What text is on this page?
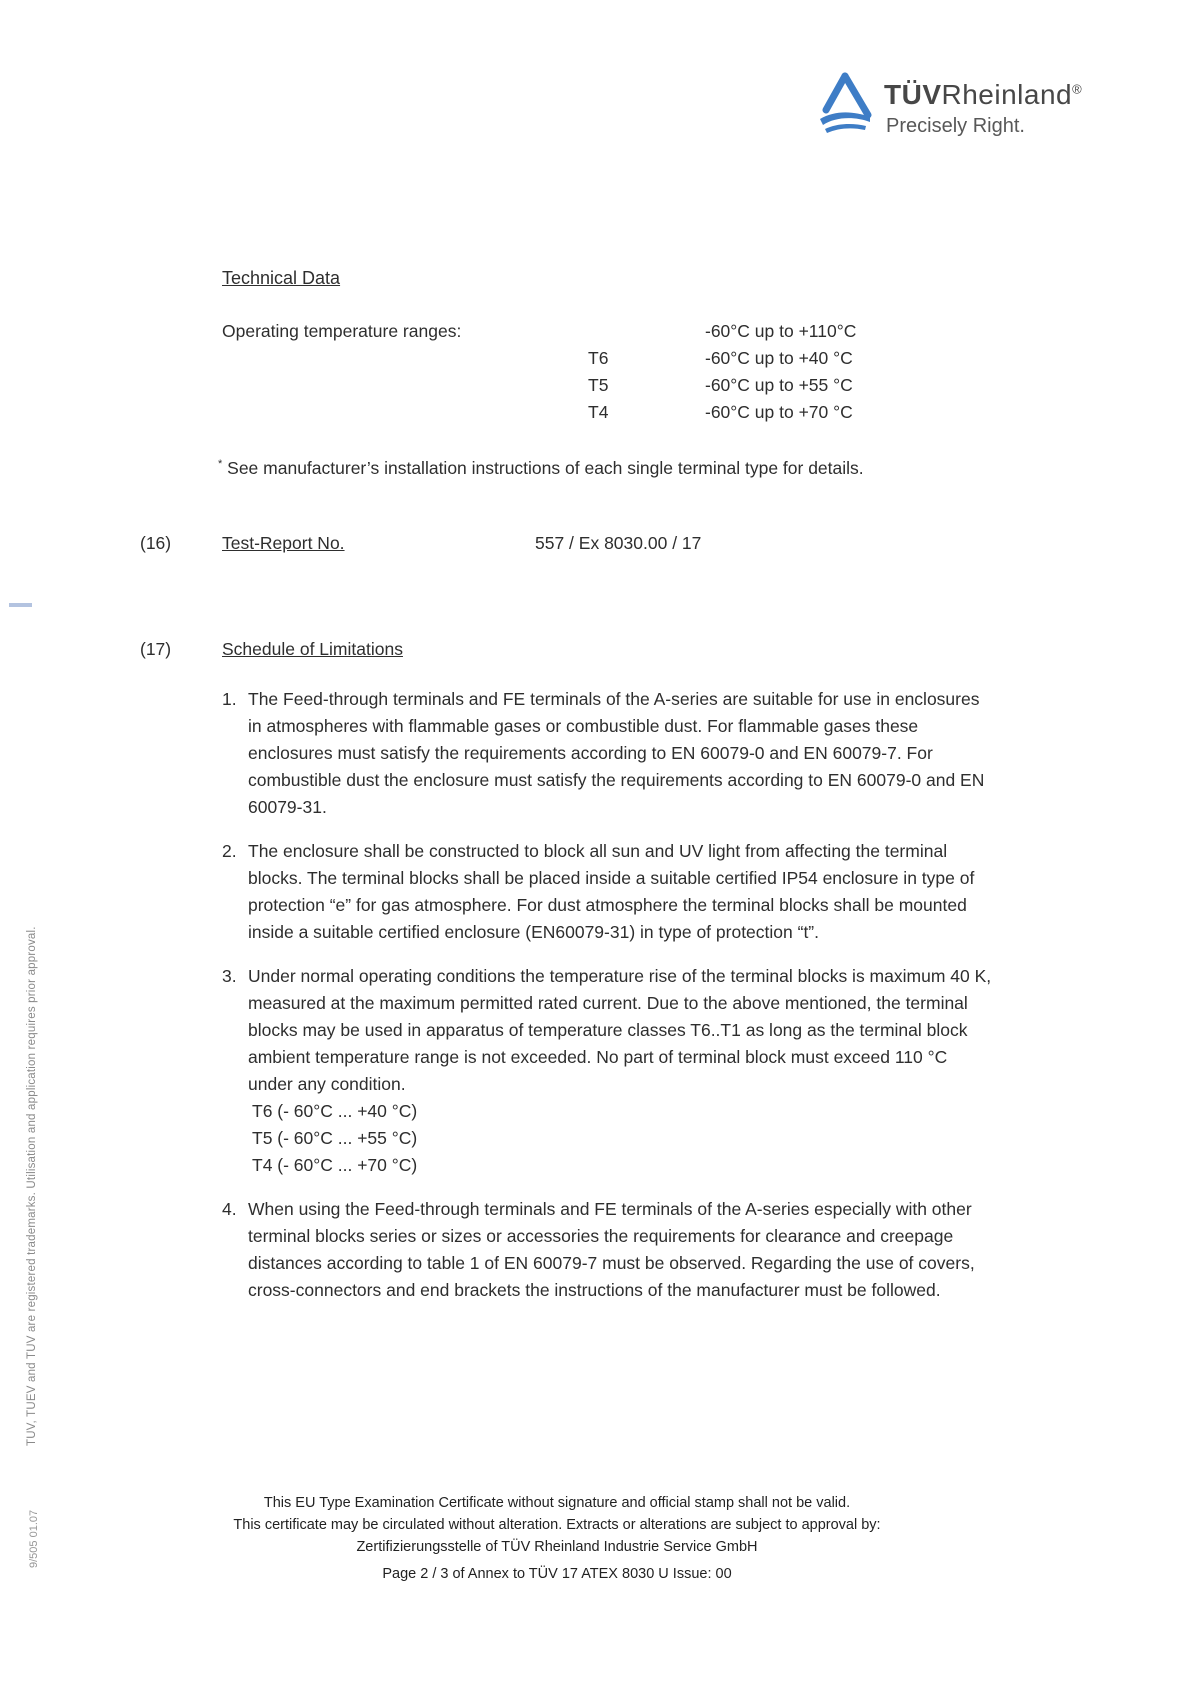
TÜVRheinland®
Precisely Right.
Technical Data
Operating temperature ranges:	-60°C up to +110°C
T6	-60°C up to +40 °C
T5	-60°C up to +55 °C
T4	-60°C up to +70 °C
* See manufacturer’s installation instructions of each single terminal type for details.
(16)	Test-Report No.	557 / Ex 8030.00 / 17
(17)	Schedule of Limitations
1. The Feed-through terminals and FE terminals of the A-series are suitable for use in enclosures in atmospheres with flammable gases or combustible dust. For flammable gases these enclosures must satisfy the requirements according to EN 60079-0 and EN 60079-7. For combustible dust the enclosure must satisfy the requirements according to EN 60079-0 and EN 60079-31.
2. The enclosure shall be constructed to block all sun and UV light from affecting the terminal blocks. The terminal blocks shall be placed inside a suitable certified IP54 enclosure in type of protection “e” for gas atmosphere. For dust atmosphere the terminal blocks shall be mounted inside a suitable certified enclosure (EN60079-31) in type of protection “t”.
3. Under normal operating conditions the temperature rise of the terminal blocks is maximum 40 K, measured at the maximum permitted rated current. Due to the above mentioned, the terminal blocks may be used in apparatus of temperature classes T6..T1 as long as the terminal block ambient temperature range is not exceeded. No part of terminal block must exceed 110 °C under any condition.
T6 (- 60°C ... +40 °C)
T5 (- 60°C ... +55 °C)
T4 (- 60°C ... +70 °C)
4. When using the Feed-through terminals and FE terminals of the A-series especially with other terminal blocks series or sizes or accessories the requirements for clearance and creepage distances according to table 1 of EN 60079-7 must be observed. Regarding the use of covers, cross-connectors and end brackets the instructions of the manufacturer must be followed.
This EU Type Examination Certificate without signature and official stamp shall not be valid.
This certificate may be circulated without alteration. Extracts or alterations are subject to approval by:
Zertifizierungsstelle of TÜV Rheinland Industrie Service GmbH
Page 2 / 3 of Annex to TÜV 17 ATEX 8030 U Issue: 00
TÜV, TUEV and TUV are registered trademarks. Utilisation and application requires prior approval.
9/505 01.07
